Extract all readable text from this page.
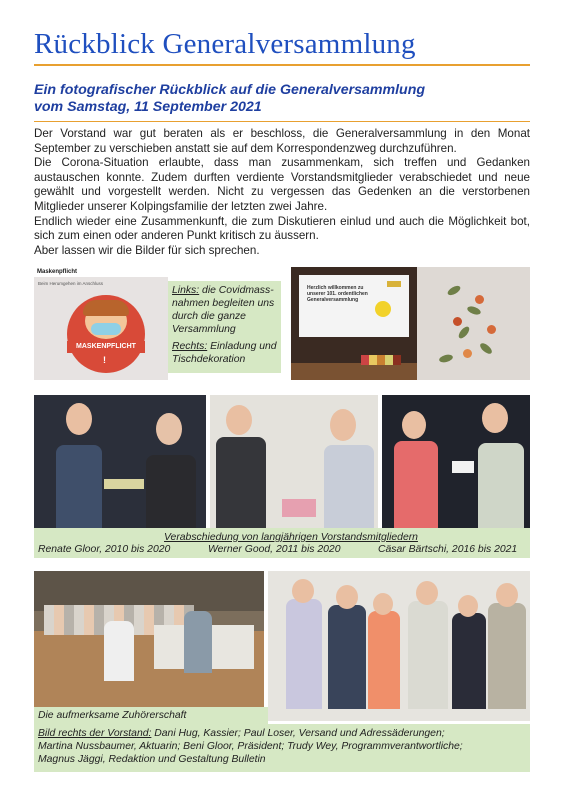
Rückblick Generalversammlung
Ein fotografischer Rückblick auf die Generalversammlung
vom Samstag, 11 September 2021

Der Vorstand war gut beraten als er beschloss, die Generalversammlung in den Monat September zu verschieben anstatt sie auf dem Korrespondenzweg durchzuführen.

Die Corona-Situation erlaubte, dass man zusammenkam, sich treffen und Gedanken austauschen konnte. Zudem durften verdiente Vorstandsmitglieder verabschiedet und neue gewählt und vorgestellt werden. Nicht zu vergessen das Gedenken an die verstorbenen Mitglieder unserer Kolpingsfamilie der letzten zwei Jahre.

Endlich wieder eine Zusammenkunft, die zum Diskutieren einlud und auch die Möglichkeit bot, sich zum einen oder anderen Punkt kritisch zu äussern.

Aber lassen wir die Bilder für sich sprechen.

Maskenpflicht
Beim Herumgehen im Anschluss
MASKENPFLICHT
!
Links: die Covidmass-nahmen begleiten uns durch die ganze Versammlung
Rechts: Einladung und Tischdekoration
Herzlich willkommen zu unserer 101. ordentlichen Generalversammlung
Verabschiedung von langjährigen Vorstandsmitgliedern
Renate Gloor, 2010 bis 2020	Werner Good, 2011 bis 2020	Cäsar Bärtschi, 2016 bis 2021
Die aufmerksame Zuhörerschaft
Bild rechts der Vorstand: Dani Hug, Kassier; Paul Loser, Versand und Adressäderungen;
Martina Nussbaumer, Aktuarin; Beni Gloor, Präsident; Trudy Wey, Programmverantwortliche;
Magnus Jäggi, Redaktion und Gestaltung Bulletin
